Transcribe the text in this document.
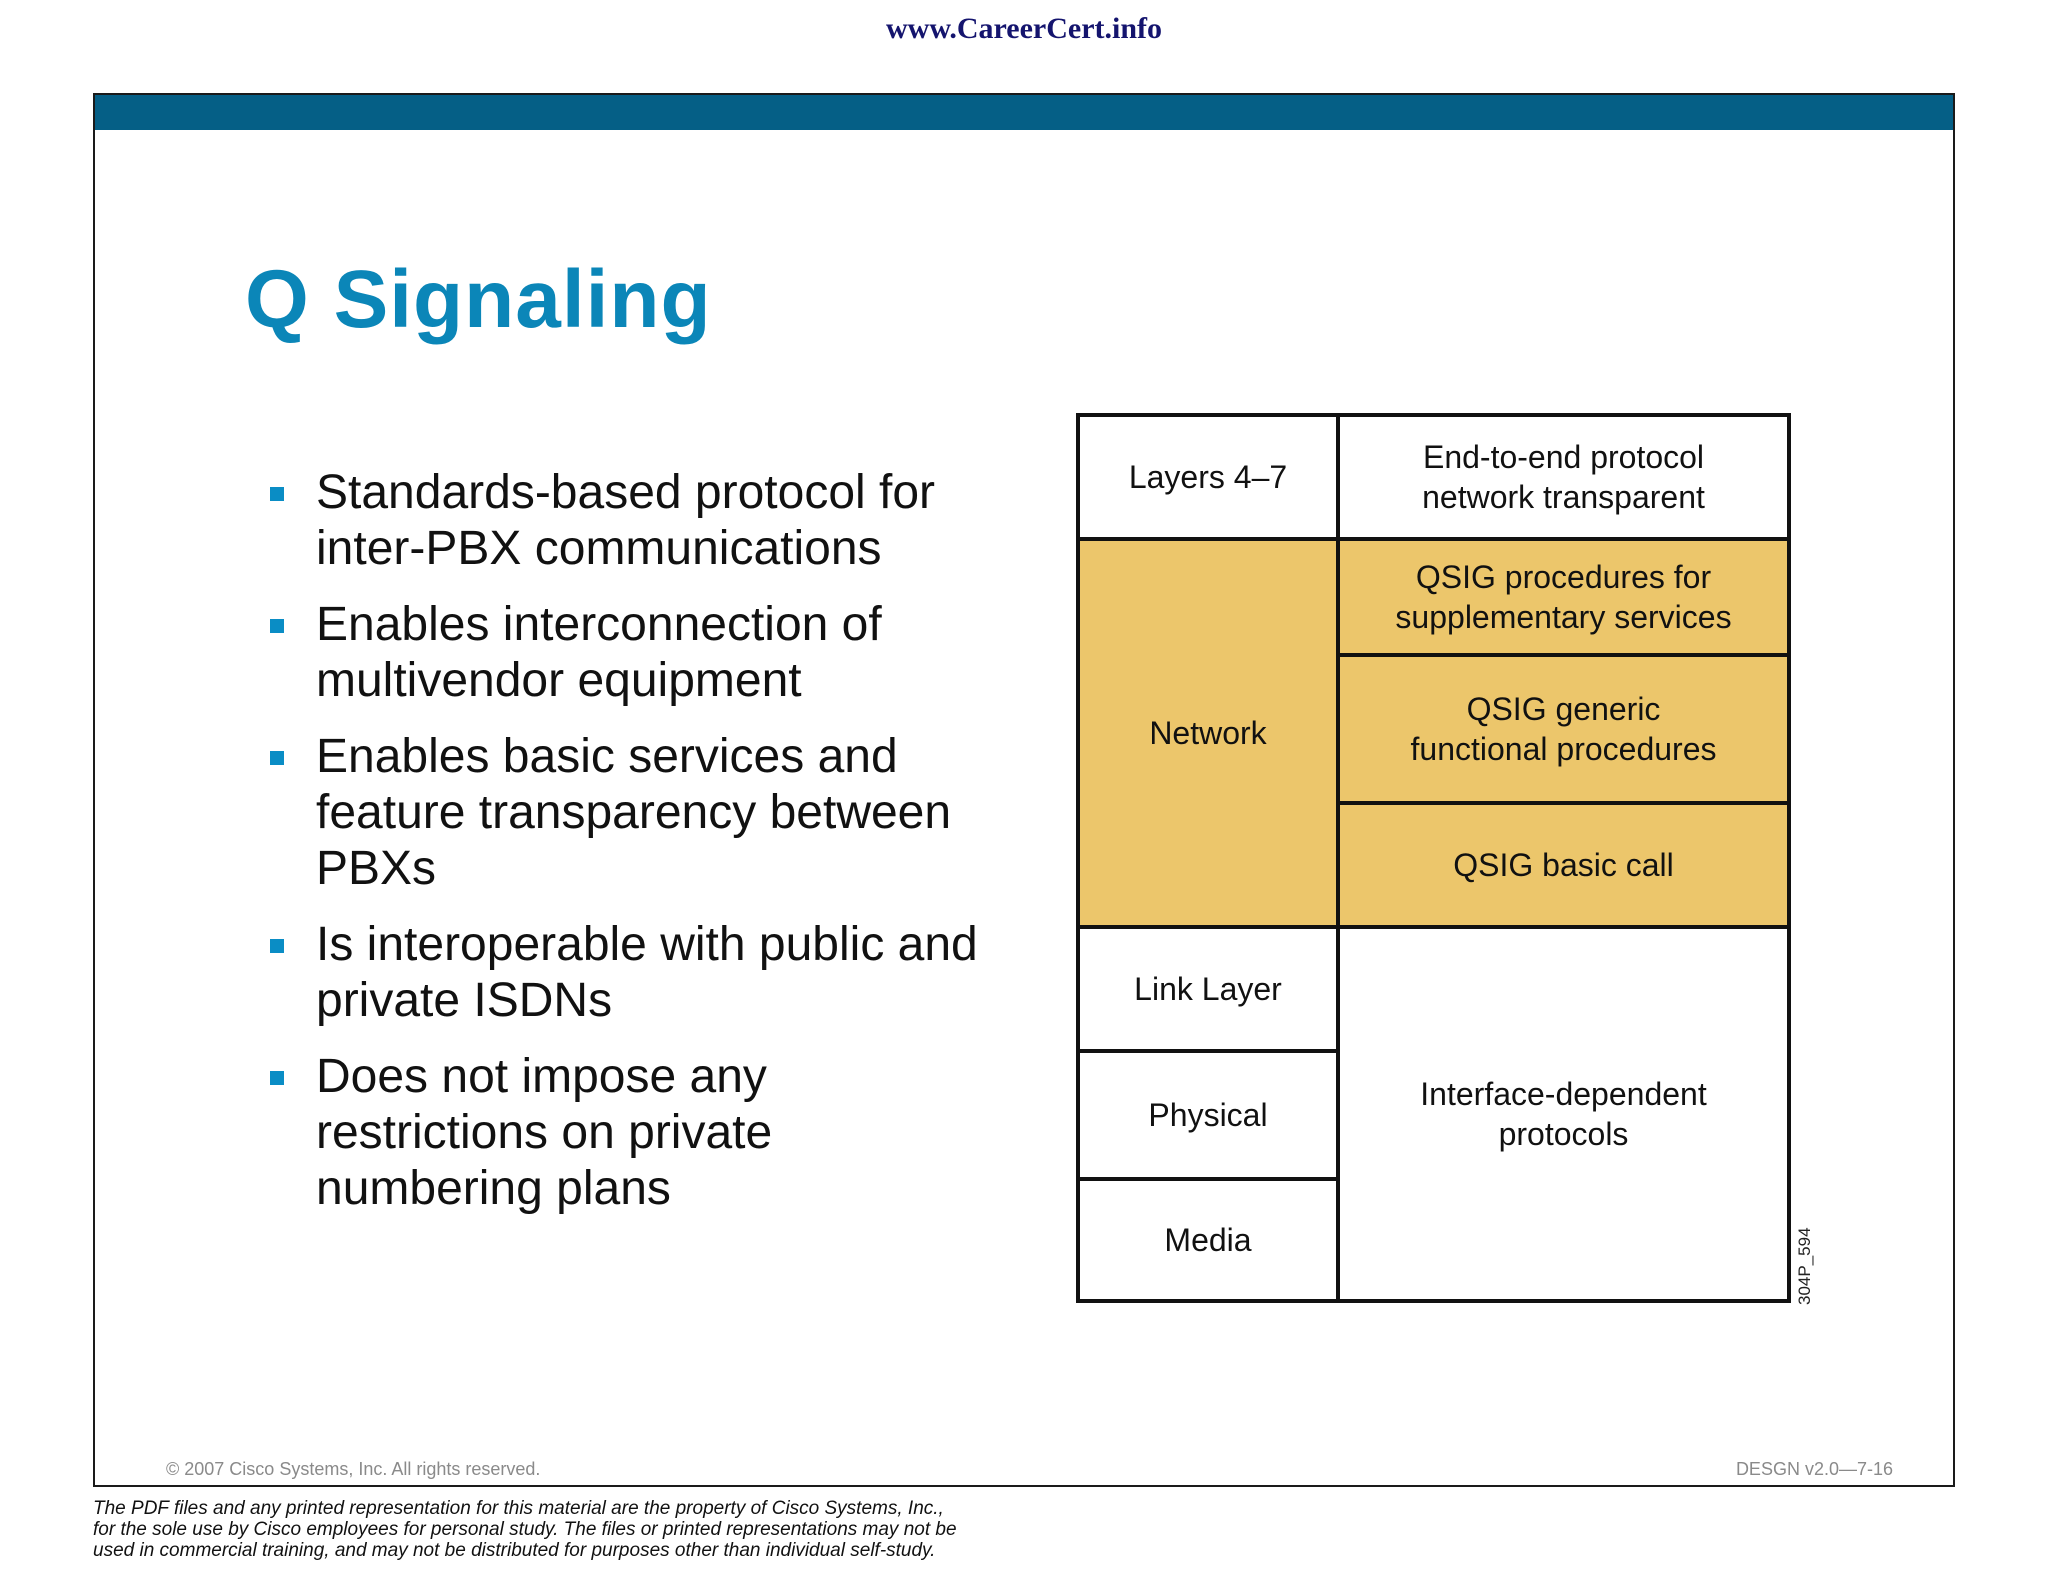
www.CareerCert.info
Q Signaling
Standards-based protocol for inter-PBX communications
Enables interconnection of multivendor equipment
Enables basic services and feature transparency between PBXs
Is interoperable with public and private ISDNs
Does not impose any restrictions on private numbering plans
Layers 4–7
End-to-end protocol
network transparent
Network
QSIG procedures for
supplementary services
QSIG generic
functional procedures
QSIG basic call
Link Layer
Physical
Media
Interface-dependent
protocols
304P_594
© 2007 Cisco Systems, Inc. All rights reserved.	DESGN v2.0—7-16

The PDF files and any printed representation for this material are the property of Cisco Systems, Inc.,
for the sole use by Cisco employees for personal study. The files or printed representations may not be
used in commercial training, and may not be distributed for purposes other than individual self-study.
